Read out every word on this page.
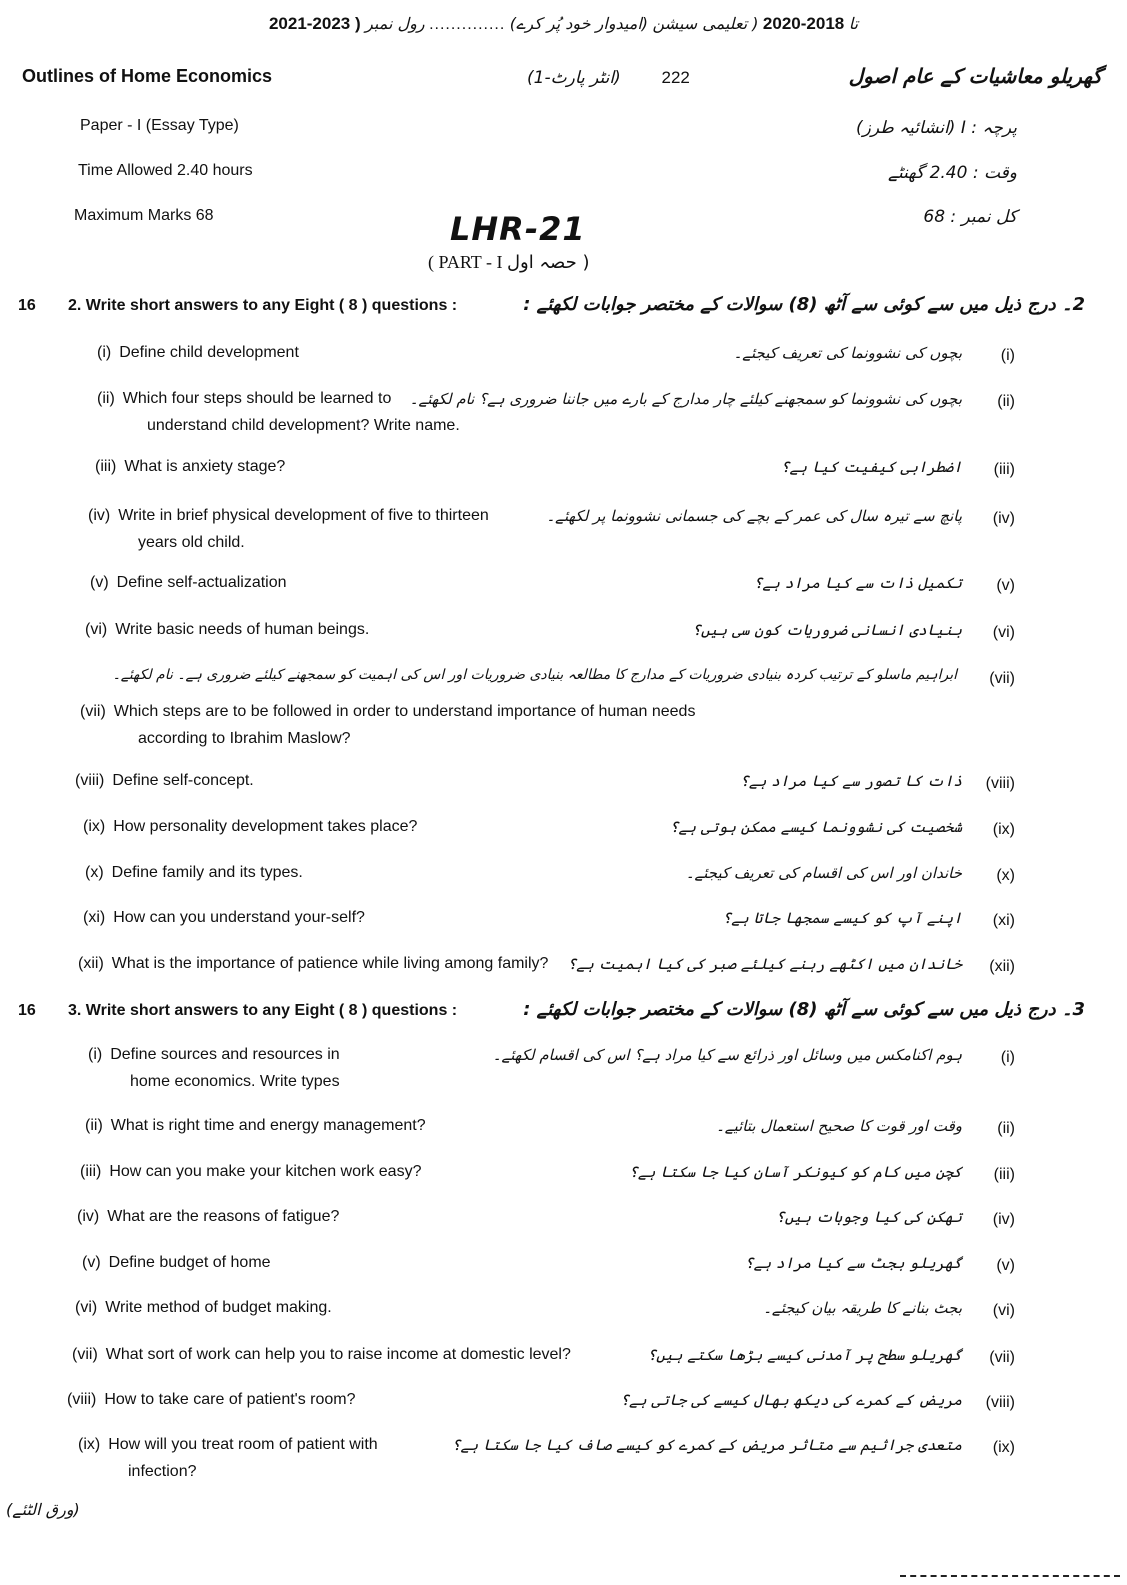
2021-2023 )	تا 2018-2020 ( تعلیمی سیشن (امیدوار خود پُر کرے) .............. رول نمبر
Outlines of Home Economics	(انٹر پارٹ-1) 222	گھریلو معاشیات کے عام اصول
Paper - I (Essay Type)
Time Allowed 2.40 hours
Maximum Marks 68
پرچہ : I (انشائیہ طرز)
وقت : 2.40 گھنٹے
کل نمبر : 68
LHR-21
( PART - I حصہ اول )
16 2. Write short answers to any Eight ( 8 ) questions :	2۔ درج ذیل میں سے کوئی سے آٹھ (8) سوالات کے مختصر جوابات لکھئے :
(i) Define child development	(i)
بچوں کی نشوونما کی تعریف کیجئے۔
(ii) Which four steps should be learned to
understand child development? Write name.
(ii)
بچوں کی نشوونما کو سمجھنے کیلئے چار مدارج کے بارے میں جاننا ضروری ہے؟ نام لکھئے۔
(iii) What is anxiety stage?	(iii)
اضطرابی کیفیت کیا ہے؟
(iv) Write in brief physical development of five to thirteen
years old child.
(iv)
پانچ سے تیرہ سال کی عمر کے بچے کی جسمانی نشوونما پر لکھئے۔
(v) Define self-actualization	(v)
تکمیل ذات سے کیا مراد ہے؟
(vi) Write basic needs of human beings.	(vi)
بنیادی انسانی ضروریات کون سی ہیں؟
(vii) Which steps are to be followed in order to understand importance of human needs
according to Ibrahim Maslow?
(vii)
ابراہیم ماسلو کے ترتیب کردہ بنیادی ضروریات کے مدارج کا مطالعہ بنیادی ضروریات اور اس کی اہمیت کو سمجھنے کیلئے ضروری ہے۔ نام لکھئے۔
(viii) Define self-concept.	(viii)
ذات کا تصور سے کیا مراد ہے؟
(ix) How personality development takes place?	(ix)
شخصیت کی نشوونما کیسے ممکن ہوتی ہے؟
(x) Define family and its types.	(x)
خاندان اور اس کی اقسام کی تعریف کیجئے۔
(xi) How can you understand your-self?	(xi)
اپنے آپ کو کیسے سمجھا جاتا ہے؟
(xii) What is the importance of patience while living among family?	(xii)
خاندان میں اکٹھے رہنے کیلئے صبر کی کیا اہمیت ہے؟
16 3. Write short answers to any Eight ( 8 ) questions :	3۔ درج ذیل میں سے کوئی سے آٹھ (8) سوالات کے مختصر جوابات لکھئے :
(i) Define sources and resources in
home economics. Write types
(i)
ہوم اکنامکس میں وسائل اور ذرائع سے کیا مراد ہے؟ اس کی اقسام لکھئے۔
(ii) What is right time and energy management?	(ii)
وقت اور قوت کا صحیح استعمال بتائیے۔
(iii) How can you make your kitchen work easy?	(iii)
کچن میں کام کو کیونکر آسان کیا جا سکتا ہے؟
(iv) What are the reasons of fatigue?	(iv)
تھکن کی کیا وجوہات ہیں؟
(v) Define budget of home	(v)
گھریلو بجٹ سے کیا مراد ہے؟
(vi) Write method of budget making.	(vi)
بجٹ بنانے کا طریقہ بیان کیجئے۔
(vii) What sort of work can help you to raise income at domestic level?	(vii)
گھریلو سطح پر آمدنی کیسے بڑھا سکتے ہیں؟
(viii) How to take care of patient's room?	(viii)
مریض کے کمرے کی دیکھ بھال کیسے کی جاتی ہے؟
(ix) How will you treat room of patient with
infection?
(ix)
متعدی جراثیم سے متاثر مریض کے کمرے کو کیسے صاف کیا جا سکتا ہے؟
(ورق الٹئے)
